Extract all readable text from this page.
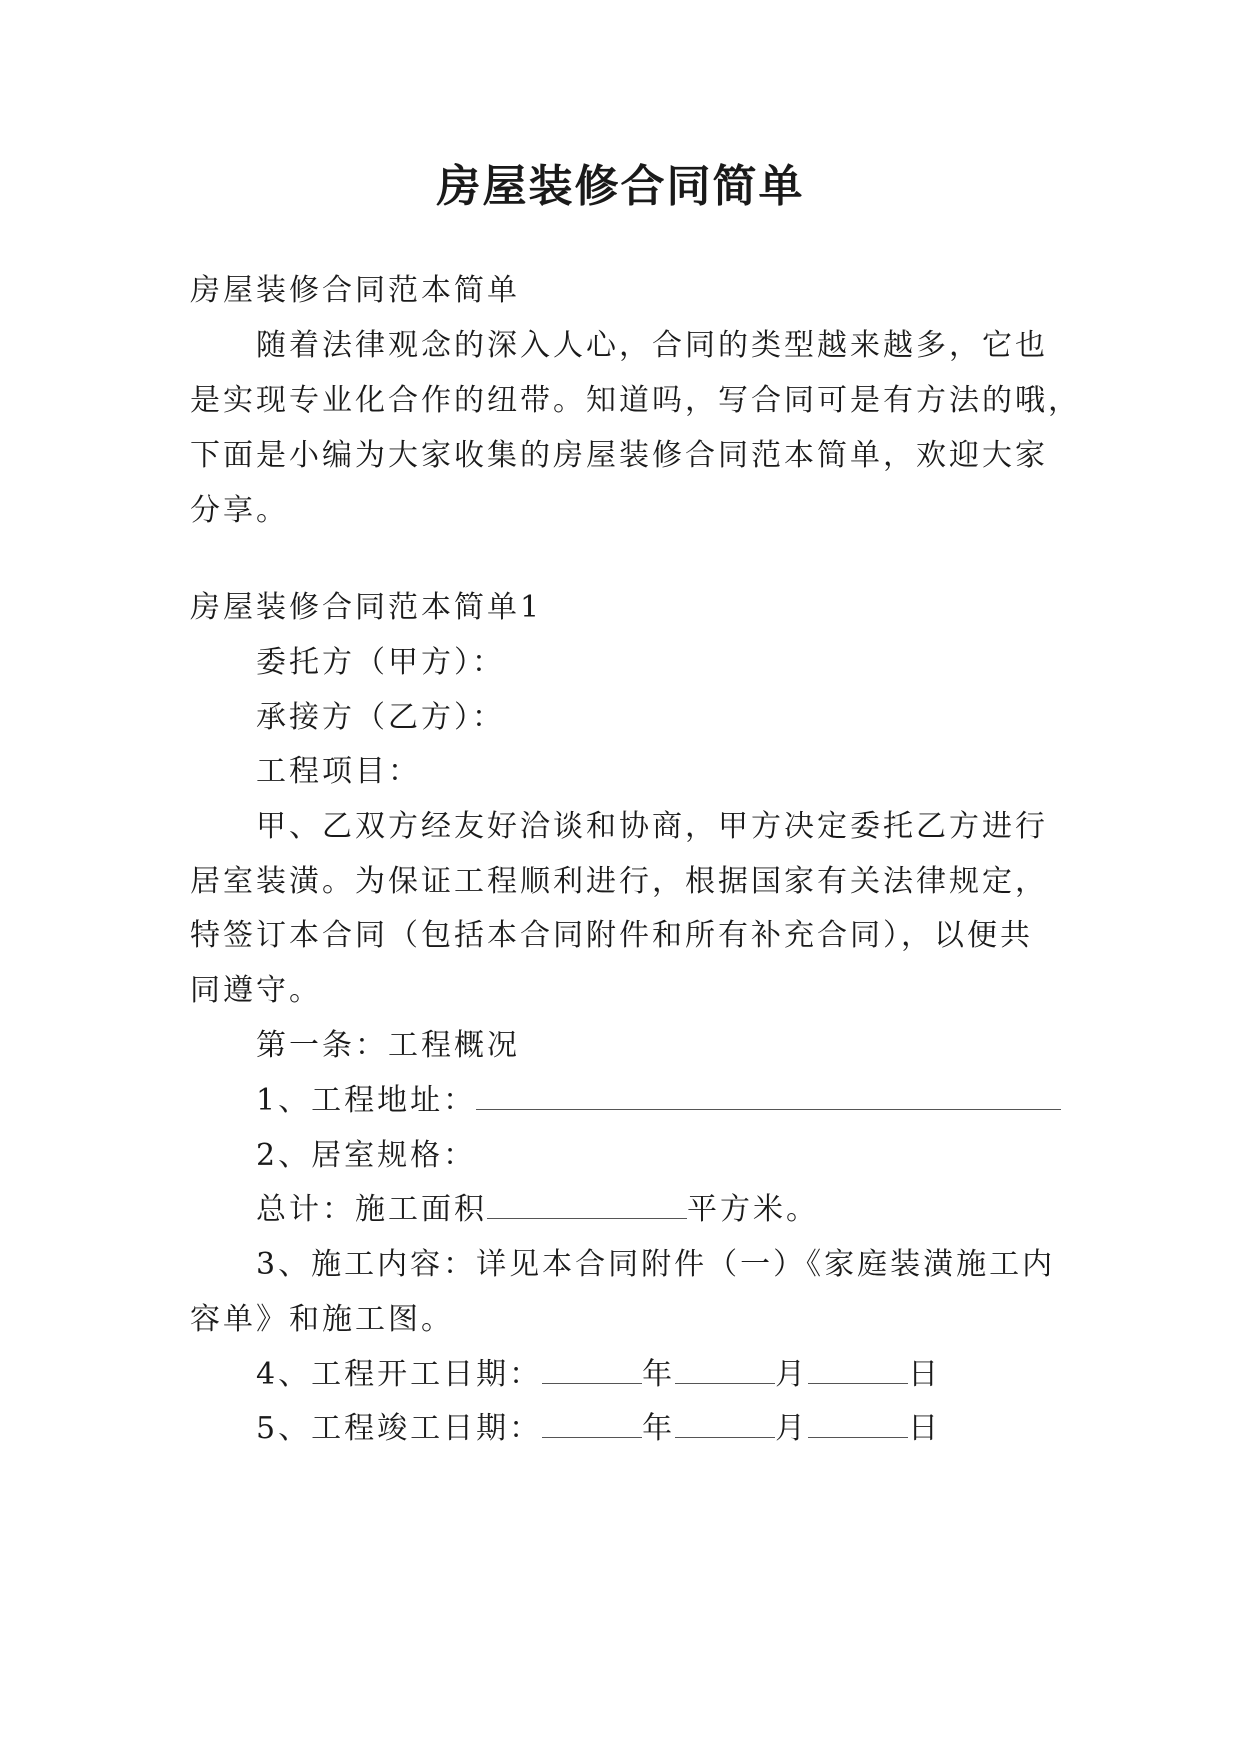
房屋装修合同简单
房屋装修合同范本简单
随着法律观念的深入人心，合同的类型越来越多，它也
是实现专业化合作的纽带。知道吗，写合同可是有方法的哦，
下面是小编为大家收集的房屋装修合同范本简单，欢迎大家
分享。
房屋装修合同范本简单1
委托方（甲方）：
承接方（乙方）：
工程项目：
甲、乙双方经友好洽谈和协商，甲方决定委托乙方进行
居室装潢。为保证工程顺利进行，根据国家有关法律规定，
特签订本合同（包括本合同附件和所有补充合同），以便共
同遵守。
第一条：工程概况
1、工程地址：
2、居室规格：
总计：施工面积	平方米。
3、施工内容：详见本合同附件（一）《家庭装潢施工内
容单》和施工图。
4、工程开工日期：	年	月	日
5、工程竣工日期：	年	月	日
